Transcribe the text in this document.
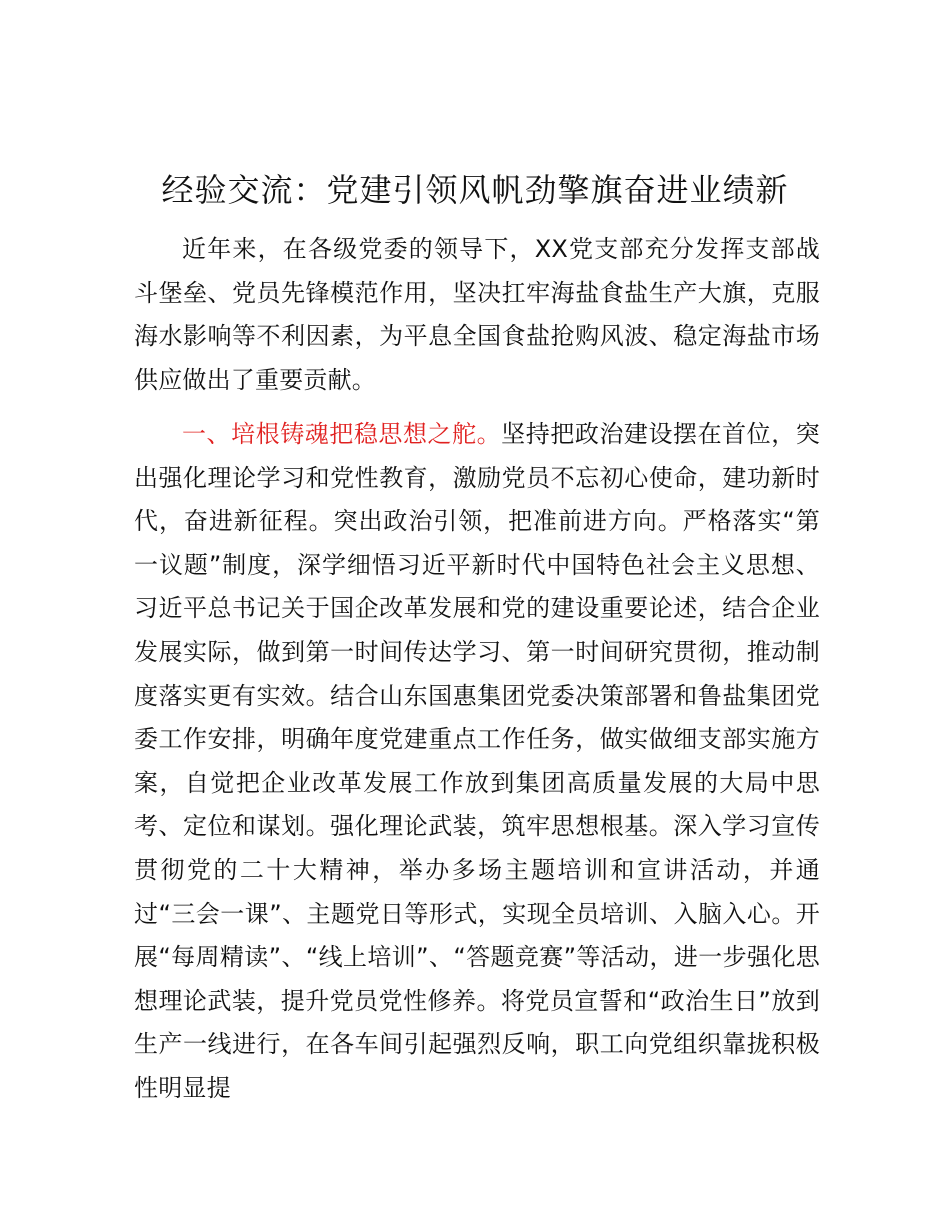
经验交流：党建引领风帆劲擎旗奋进业绩新

近年来，在各级党委的领导下，XX党支部充分发挥支部战斗堡垒、党员先锋模范作用，坚决扛牢海盐食盐生产大旗，克服海水影响等不利因素，为平息全国食盐抢购风波、稳定海盐市场供应做出了重要贡献。

一、培根铸魂把稳思想之舵。坚持把政治建设摆在首位，突出强化理论学习和党性教育，激励党员不忘初心使命，建功新时代，奋进新征程。突出政治引领，把准前进方向。严格落实“第一议题”制度，深学细悟习近平新时代中国特色社会主义思想、习近平总书记关于国企改革发展和党的建设重要论述，结合企业发展实际，做到第一时间传达学习、第一时间研究贯彻，推动制度落实更有实效。结合山东国惠集团党委决策部署和鲁盐集团党委工作安排，明确年度党建重点工作任务，做实做细支部实施方案，自觉把企业改革发展工作放到集团高质量发展的大局中思考、定位和谋划。强化理论武装，筑牢思想根基。深入学习宣传贯彻党的二十大精神，举办多场主题培训和宣讲活动，并通过“三会一课”、主题党日等形式，实现全员培训、入脑入心。开展“每周精读”、“线上培训”、“答题竞赛”等活动，进一步强化思想理论武装，提升党员党性修养。将党员宣誓和“政治生日”放到生产一线进行，在各车间引起强烈反响，职工向党组织靠拢积极性明显提
